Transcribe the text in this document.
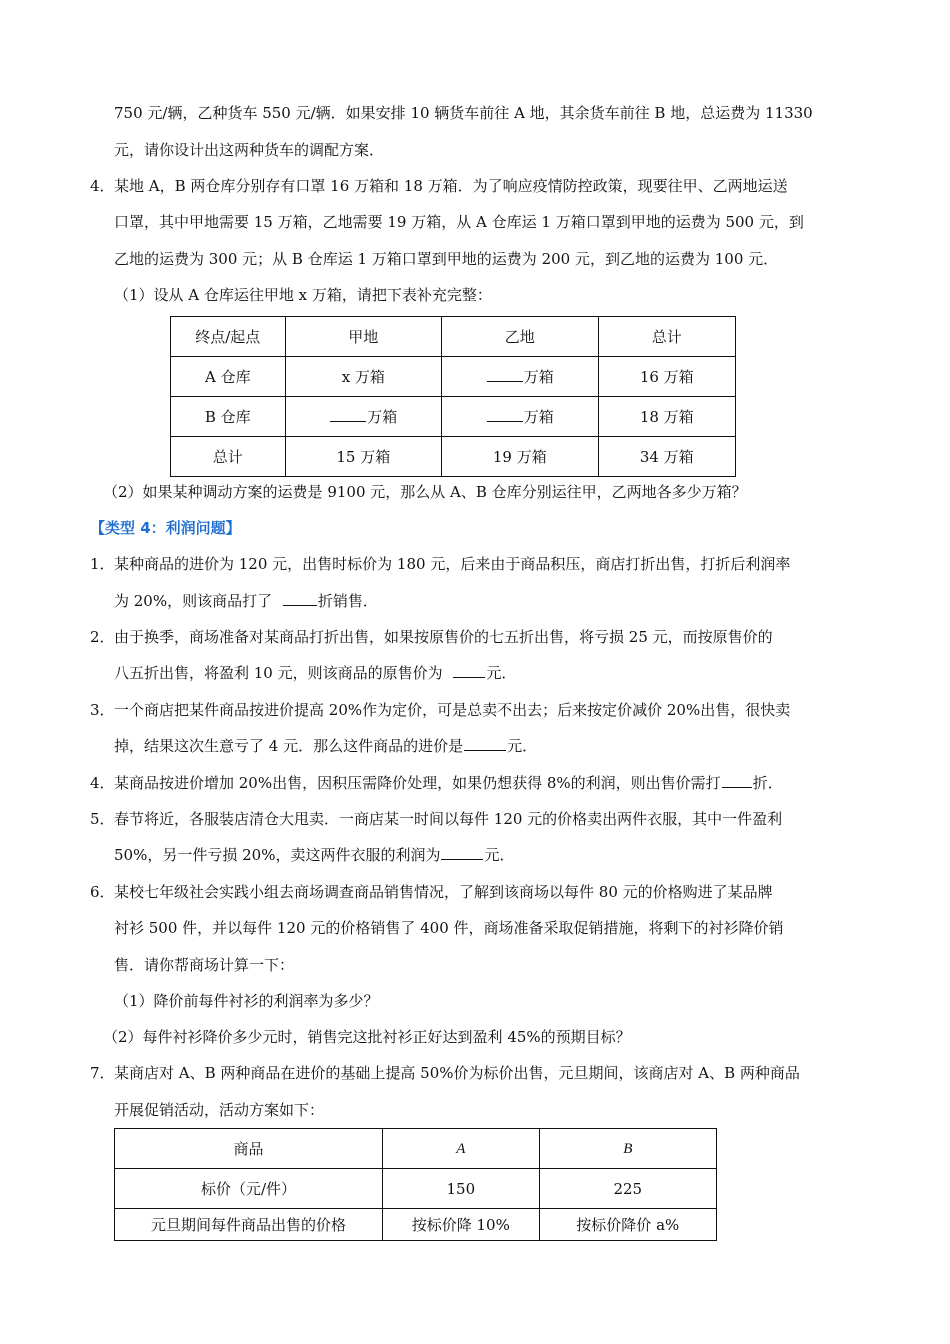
750 元/辆，乙种货车 550 元/辆．如果安排 10 辆货车前往 A 地，其余货车前往 B 地，总运费为 11330
元，请你设计出这两种货车的调配方案．
4． 某地 A，B 两仓库分别存有口罩 16 万箱和 18 万箱．为了响应疫情防控政策，现要往甲、乙两地运送
口罩，其中甲地需要 15 万箱，乙地需要 19 万箱，从 A 仓库运 1 万箱口罩到甲地的运费为 500 元，到
乙地的运费为 300 元；从 B 仓库运 1 万箱口罩到甲地的运费为 200 元，到乙地的运费为 100 元．
（1）设从 A 仓库运往甲地 x 万箱，请把下表补充完整：
终点/起点	甲地	乙地	总计
A 仓库	x 万箱	万箱	16 万箱
B 仓库	万箱	万箱	18 万箱
总计	15 万箱	19 万箱	34 万箱
（2）如果某种调动方案的运费是 9100 元，那么从 A、B 仓库分别运往甲，乙两地各多少万箱？
【类型 4：利润问题】
1． 某种商品的进价为 120 元，出售时标价为 180 元，后来由于商品积压，商店打折出售，打折后利润率
为 20%，则该商品打了	折销售．
2． 由于换季，商场准备对某商品打折出售，如果按原售价的七五折出售，将亏损 25 元，而按原售价的
八五折出售，将盈利 10 元，则该商品的原售价为	元．
3． 一个商店把某件商品按进价提高 20%作为定价，可是总卖不出去；后来按定价减价 20%出售，很快卖
掉，结果这次生意亏了 4 元．那么这件商品的进价是	元．
4． 某商品按进价增加 20%出售，因积压需降价处理，如果仍想获得 8%的利润，则出售价需打 折．
5． 春节将近，各服装店清仓大甩卖．一商店某一时间以每件 120 元的价格卖出两件衣服，其中一件盈利
50%，另一件亏损 20%，卖这两件衣服的利润为	元．
6． 某校七年级社会实践小组去商场调查商品销售情况，了解到该商场以每件 80 元的价格购进了某品牌
衬衫 500 件，并以每件 120 元的价格销售了 400 件，商场准备采取促销措施，将剩下的衬衫降价销
售．请你帮商场计算一下：
（1）降价前每件衬衫的利润率为多少？
（2）每件衬衫降价多少元时，销售完这批衬衫正好达到盈利 45%的预期目标？
7． 某商店对 A、B 两种商品在进价的基础上提高 50%价为标价出售，元旦期间，该商店对 A、B 两种商品
开展促销活动，活动方案如下：
商品	A	B
标价（元/件）	150	225
元旦期间每件商品出售的价格	按标价降 10%	按标价降价 a%
